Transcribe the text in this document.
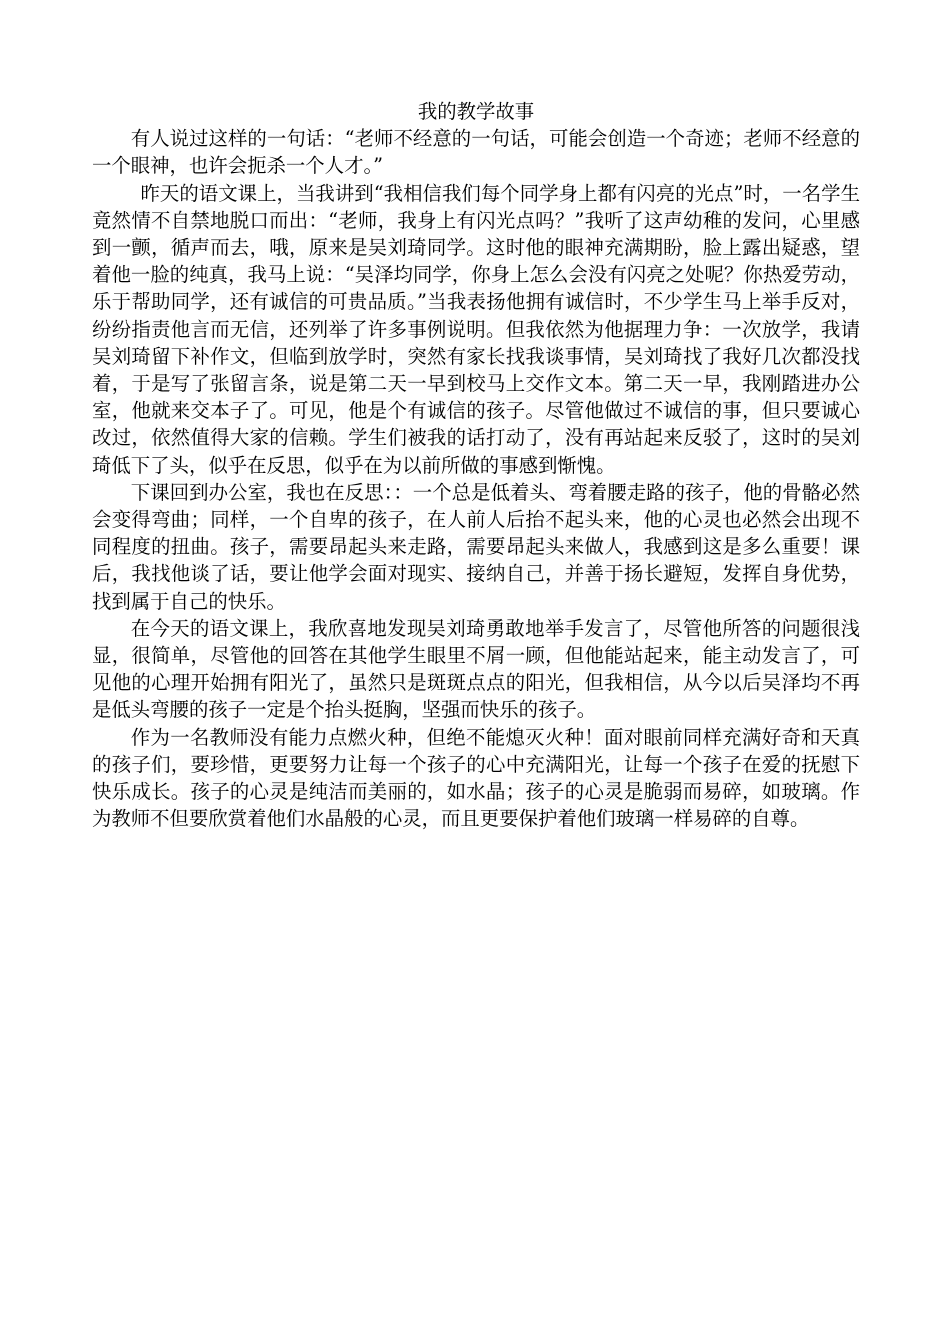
我的教学故事

有人说过这样的一句话：“老师不经意的一句话，可能会创造一个奇迹；老师不经意的一个眼神，也许会扼杀一个人才。”

昨天的语文课上，当我讲到“我相信我们每个同学身上都有闪亮的光点”时，一名学生竟然情不自禁地脱口而出：“老师，我身上有闪光点吗？”我听了这声幼稚的发问，心里感到一颤，循声而去，哦，原来是吴刘琦同学。这时他的眼神充满期盼，脸上露出疑惑，望着他一脸的纯真，我马上说：“吴泽均同学，你身上怎么会没有闪亮之处呢？你热爱劳动，乐于帮助同学，还有诚信的可贵品质。”当我表扬他拥有诚信时，不少学生马上举手反对，纷纷指责他言而无信，还列举了许多事例说明。但我依然为他据理力争：一次放学，我请吴刘琦留下补作文，但临到放学时，突然有家长找我谈事情，吴刘琦找了我好几次都没找着，于是写了张留言条，说是第二天一早到校马上交作文本。第二天一早，我刚踏进办公室，他就来交本子了。可见，他是个有诚信的孩子。尽管他做过不诚信的事，但只要诚心改过，依然值得大家的信赖。学生们被我的话打动了，没有再站起来反驳了，这时的吴刘琦低下了头，似乎在反思，似乎在为以前所做的事感到惭愧。

下课回到办公室，我也在反思：：一个总是低着头、弯着腰走路的孩子，他的骨骼必然会变得弯曲；同样，一个自卑的孩子，在人前人后抬不起头来，他的心灵也必然会出现不同程度的扭曲。孩子，需要昂起头来走路，需要昂起头来做人，我感到这是多么重要！课后，我找他谈了话，要让他学会面对现实、接纳自己，并善于扬长避短，发挥自身优势，找到属于自己的快乐。

在今天的语文课上，我欣喜地发现吴刘琦勇敢地举手发言了，尽管他所答的问题很浅显，很简单，尽管他的回答在其他学生眼里不屑一顾，但他能站起来，能主动发言了，可见他的心理开始拥有阳光了，虽然只是斑斑点点的阳光，但我相信，从今以后吴泽均不再是低头弯腰的孩子一定是个抬头挺胸，坚强而快乐的孩子。

作为一名教师没有能力点燃火种，但绝不能熄灭火种！面对眼前同样充满好奇和天真的孩子们，要珍惜，更要努力让每一个孩子的心中充满阳光，让每一个孩子在爱的抚慰下快乐成长。孩子的心灵是纯洁而美丽的，如水晶；孩子的心灵是脆弱而易碎，如玻璃。作为教师不但要欣赏着他们水晶般的心灵，而且更要保护着他们玻璃一样易碎的自尊。
